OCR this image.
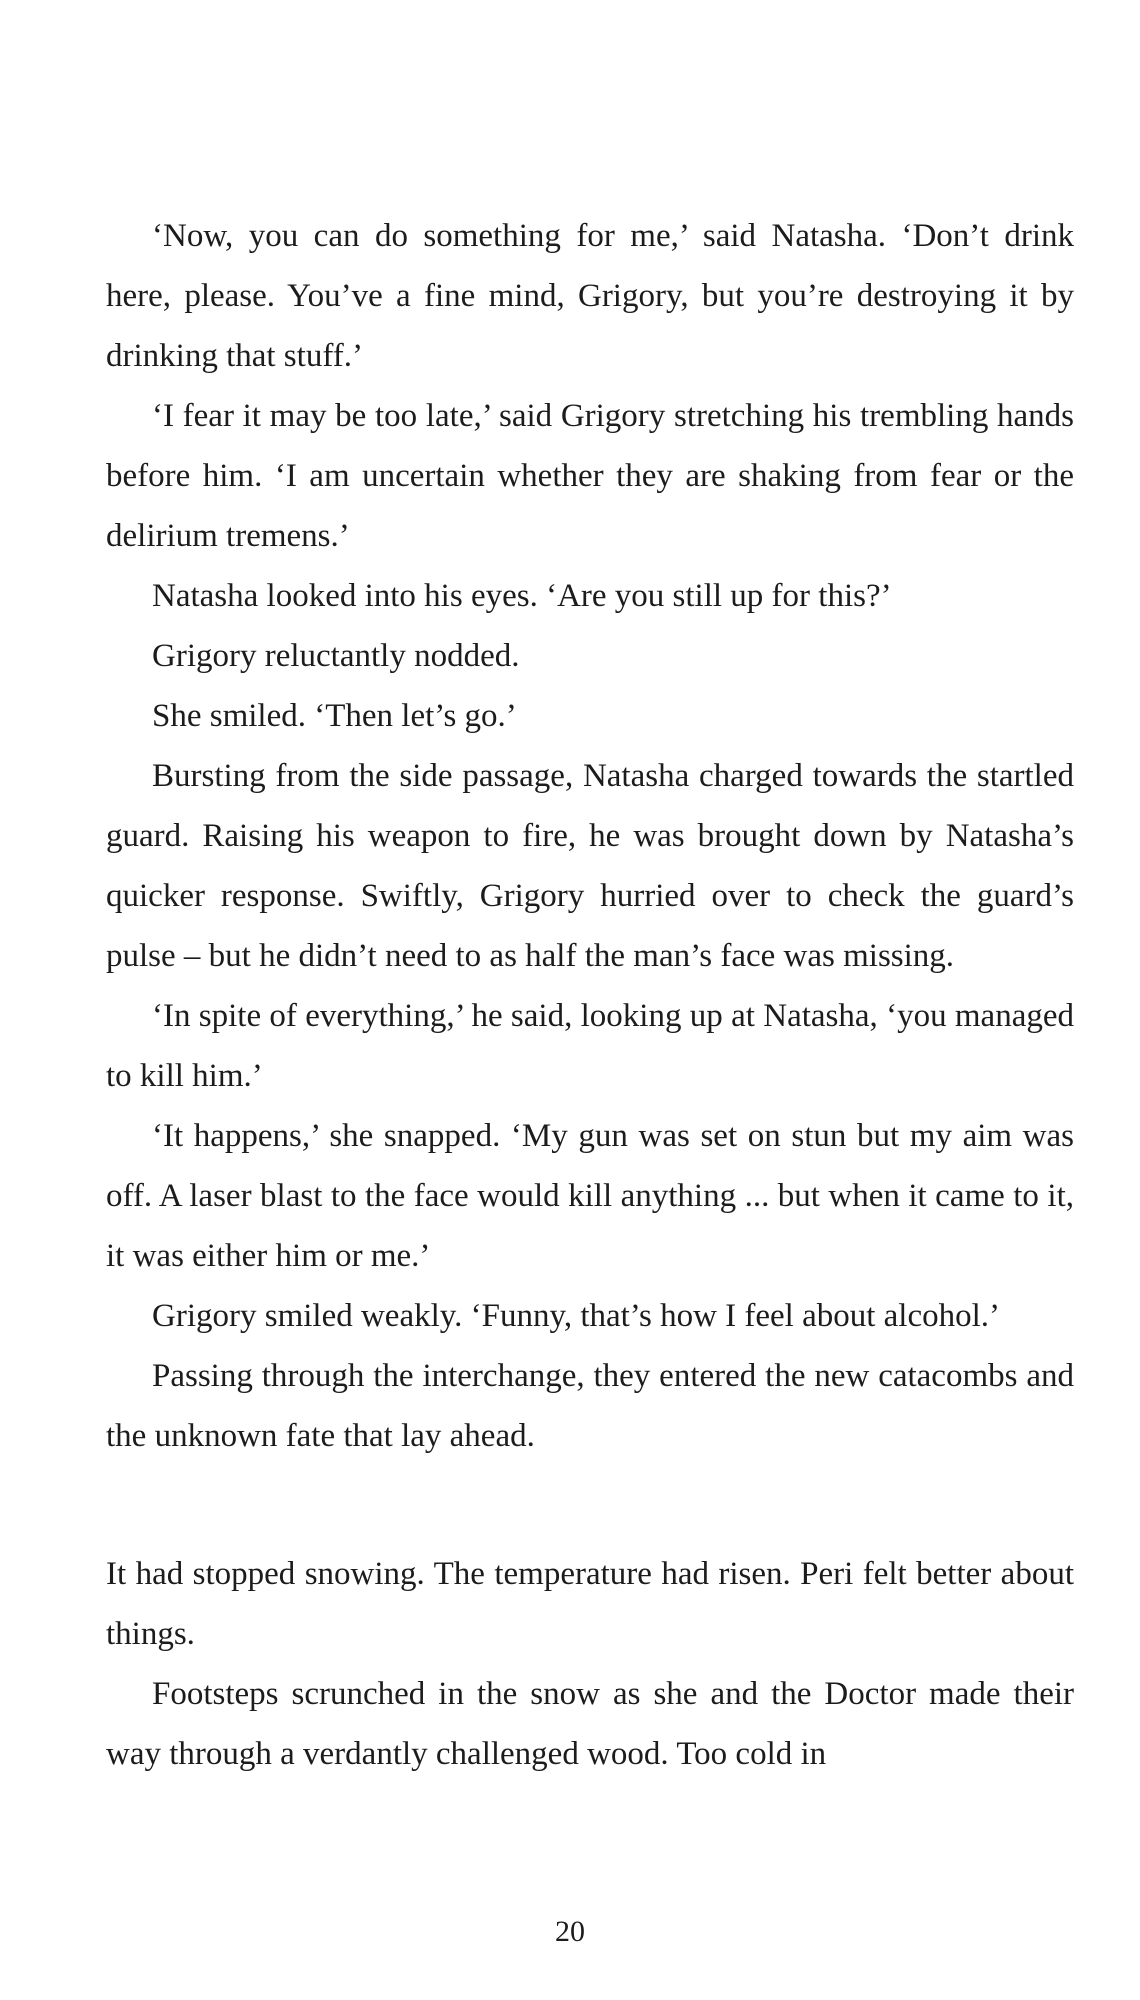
‘Now, you can do something for me,’ said Natasha. ‘Don’t drink here, please. You’ve a fine mind, Grigory, but you’re destroying it by drinking that stuff.’

‘I fear it may be too late,’ said Grigory stretching his trembling hands before him. ‘I am uncertain whether they are shaking from fear or the delirium tremens.’

Natasha looked into his eyes. ‘Are you still up for this?’

Grigory reluctantly nodded.

She smiled. ‘Then let’s go.’

Bursting from the side passage, Natasha charged towards the startled guard. Raising his weapon to fire, he was brought down by Natasha’s quicker response. Swiftly, Grigory hurried over to check the guard’s pulse – but he didn’t need to as half the man’s face was missing.

‘In spite of everything,’ he said, looking up at Natasha, ‘you managed to kill him.’

‘It happens,’ she snapped. ‘My gun was set on stun but my aim was off. A laser blast to the face would kill anything ... but when it came to it, it was either him or me.’

Grigory smiled weakly. ‘Funny, that’s how I feel about alcohol.’

Passing through the interchange, they entered the new catacombs and the unknown fate that lay ahead.

It had stopped snowing. The temperature had risen. Peri felt better about things.

Footsteps scrunched in the snow as she and the Doctor made their way through a verdantly challenged wood. Too cold in

20
